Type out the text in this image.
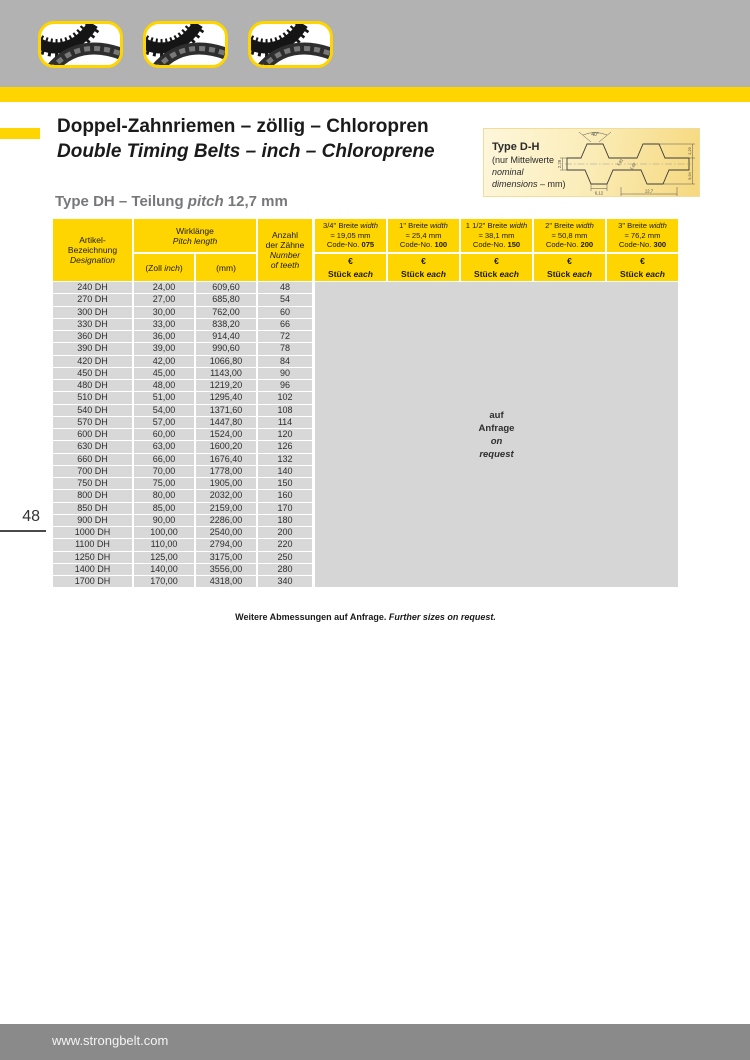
Doppel-Zahnriemen – zöllig – Chloropren
Double Timing Belts – inch – Chloroprene	Type D-H
(nur Mittelwerte
nominal
dimensions – mm)
40°
2,29
6,12	12,7
1,91 1,02
2,29
5,94
Type DH – Teilung pitch 12,7 mm
Artikel-
Bezeichnung
Designation
Wirklänge
Pitch length
(Zoll inch)	(mm)
Anzahl
der Zähne
Number
of teeth
3/4" Breite width
≈ 19,05 mm
Code-No. 075
€
Stück each
1" Breite width
≈ 25,4 mm
Code-No. 100
€
Stück each
1 1/2" Breite width
≈ 38,1 mm
Code-No. 150
€
Stück each
2" Breite width
≈ 50,8 mm
Code-No. 200
€
Stück each
3" Breite width
≈ 76,2 mm
Code-No. 300
€
Stück each
240 DH	24,00	609,60	48
270 DH	27,00	685,80	54
300 DH	30,00	762,00	60
330 DH	33,00	838,20	66
360 DH	36,00	914,40	72
390 DH	39,00	990,60	78
420 DH	42,00	1066,80	84
450 DH	45,00	1143,00	90
480 DH	48,00	1219,20	96
510 DH	51,00	1295,40	102
540 DH	54,00	1371,60	108
570 DH	57,00	1447,80	114
600 DH	60,00	1524,00	120
630 DH	63,00	1600,20	126
660 DH	66,00	1676,40	132
700 DH	70,00	1778,00	140
750 DH	75,00	1905,00	150
800 DH	80,00	2032,00	160
850 DH	85,00	2159,00	170
900 DH	90,00	2286,00	180
1000 DH	100,00	2540,00	200
1100 DH	110,00	2794,00	220
1250 DH	125,00	3175,00	250
1400 DH	140,00	3556,00	280
1700 DH	170,00	4318,00	340
auf
Anfrage
on
request
Weitere Abmessungen auf Anfrage. Further sizes on request.
48
www.strongbelt.com
